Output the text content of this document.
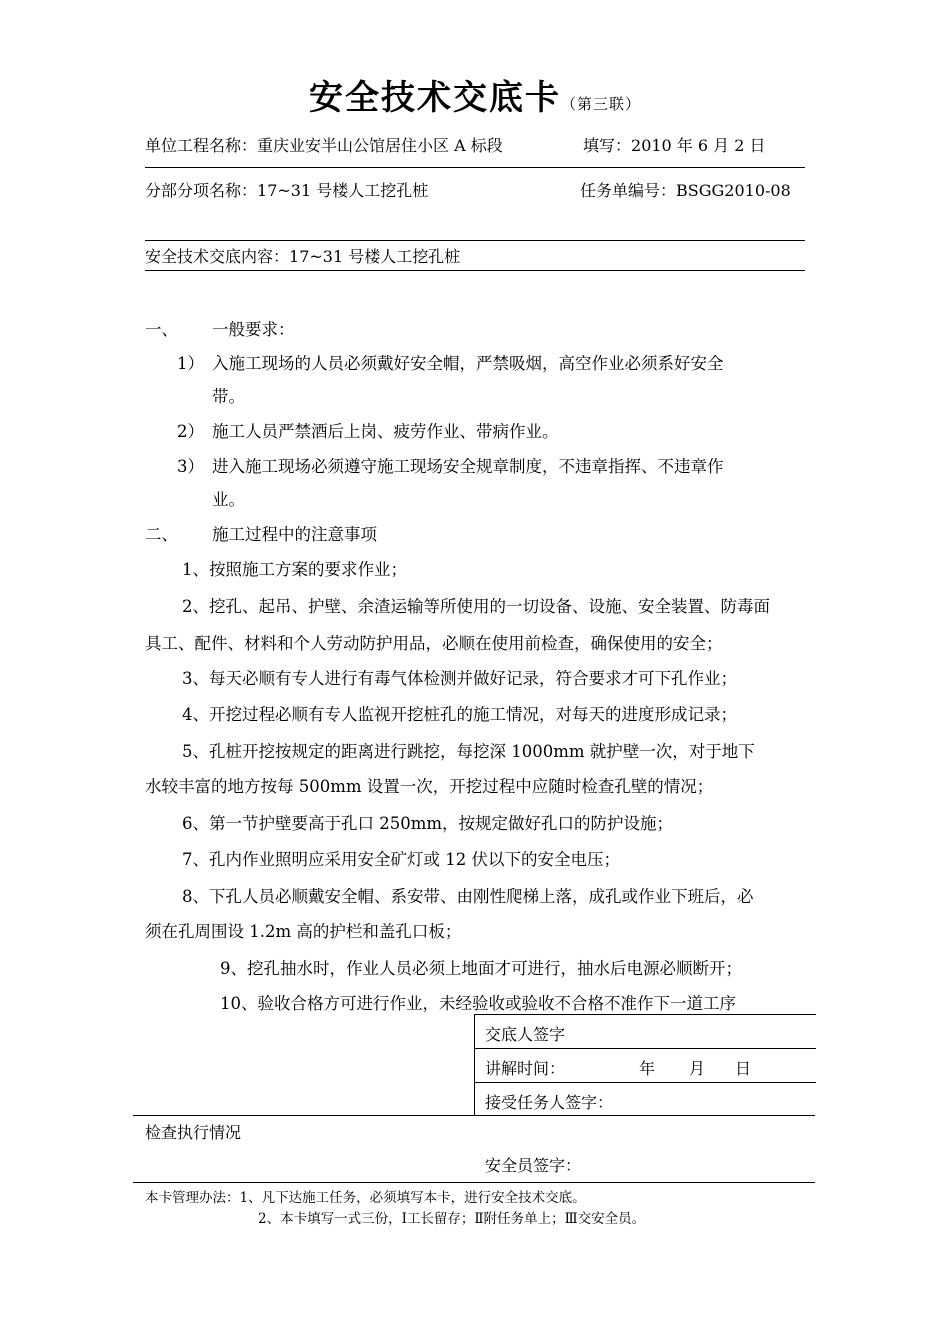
安全技术交底卡（第三联）
单位工程名称：重庆业安半山公馆居住小区 A 标段	填写：2010 年 6 月 2 日
分部分项名称：17~31 号楼人工挖孔桩	任务单编号：BSGG2010-08
安全技术交底内容：17~31 号楼人工挖孔桩
一、 一般要求：
1） 入施工现场的人员必须戴好安全帽，严禁吸烟，高空作业必须系好安全
带。
2） 施工人员严禁酒后上岗、疲劳作业、带病作业。
3） 进入施工现场必须遵守施工现场安全规章制度，不违章指挥、不违章作
业。
二、 施工过程中的注意事项
1、按照施工方案的要求作业；
2、挖孔、起吊、护壁、余渣运输等所使用的一切设备、设施、安全装置、防毒面
具工、配件、材料和个人劳动防护用品，必顺在使用前检查，确保使用的安全；
3、每天必顺有专人进行有毒气体检测并做好记录，符合要求才可下孔作业；
4、开挖过程必顺有专人监视开挖桩孔的施工情况，对每天的进度形成记录；
5、孔桩开挖按规定的距离进行跳挖，每挖深 1000mm 就护壁一次，对于地下
水较丰富的地方按每 500mm 设置一次，开挖过程中应随时检查孔壁的情况；
6、第一节护壁要高于孔口 250mm，按规定做好孔口的防护设施；
7、孔内作业照明应采用安全矿灯或 12 伏以下的安全电压；
8、下孔人员必顺戴安全帽、系安带、由刚性爬梯上落，成孔或作业下班后，必
须在孔周围设 1.2m 高的护栏和盖孔口板；
9、挖孔抽水时，作业人员必须上地面才可进行，抽水后电源必顺断开；
10、验收合格方可进行作业，未经验收或验收不合格不准作下一道工序
交底人签字
讲解时间：	年 月 日
接受任务人签字：
检查执行情况
安全员签字：
本卡管理办法：1、凡下达施工任务，必须填写本卡，进行安全技术交底。
2、本卡填写一式三份，Ⅰ工长留存；Ⅱ附任务单上；Ⅲ交安全员。
